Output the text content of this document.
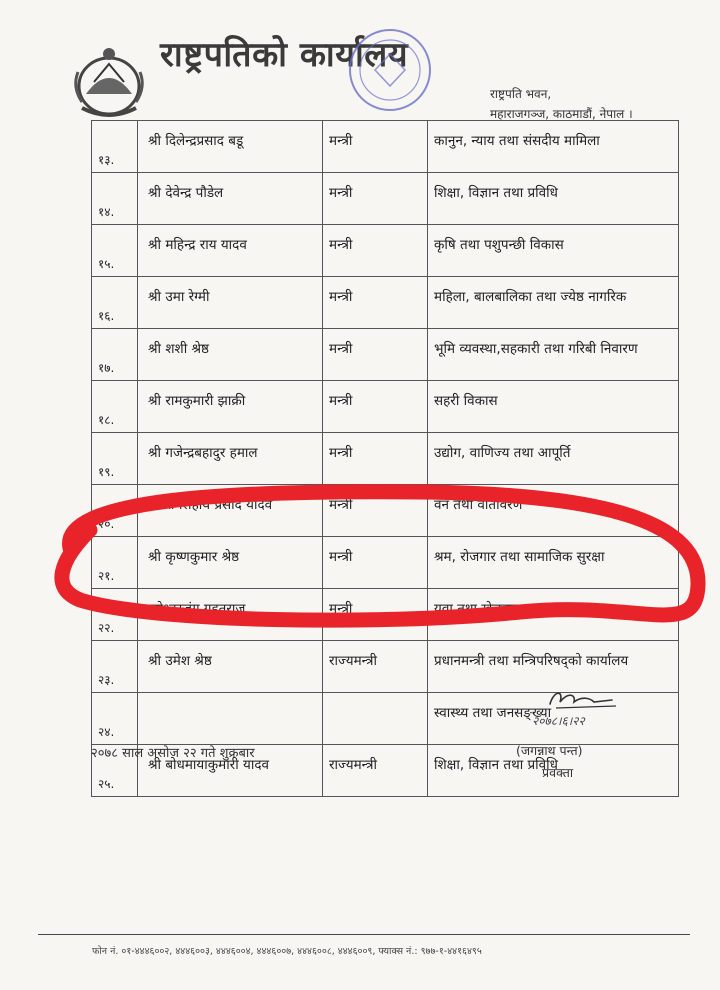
राष्ट्रपतिको कार्यालय
राष्ट्रपति भवन,
महाराजगञ्ज, काठमाडौं, नेपाल ।
१३.	श्री दिलेन्द्रप्रसाद बडू	मन्त्री	कानुन, न्याय तथा संसदीय मामिला
१४.	श्री देवेन्द्र पौडेल	मन्त्री	शिक्षा, विज्ञान तथा प्रविधि
१५.	श्री महिन्द्र राय यादव	मन्त्री	कृषि तथा पशुपन्छी विकास
१६.	श्री उमा रेग्मी	मन्त्री	महिला, बालबालिका तथा ज्येष्ठ नागरिक
१७.	श्री शशी श्रेष्ठ	मन्त्री	भूमि व्यवस्था,सहकारी तथा गरिबी निवारण
१८.	श्री रामकुमारी झाक्री	मन्त्री	सहरी विकास
१९.	श्री गजेन्द्रबहादुर हमाल	मन्त्री	उद्योग, वाणिज्य तथा आपूर्ति
२०.	श्री रामसहाय प्रसाद यादव	मन्त्री	वन तथा वातावरण
२१.	श्री कृष्णकुमार श्रेष्ठ	मन्त्री	श्रम, रोजगार तथा सामाजिक सुरक्षा
२२.	महेश्वरजंग गहतराज	मन्त्री	युवा तथा खेलकुद
२३.	श्री उमेश श्रेष्ठ	राज्यमन्त्री	प्रधानमन्त्री तथा मन्त्रिपरिषद्को कार्यालय
२४.			स्वास्थ्य तथा जनसङ्ख्या
२५.	श्री बोधमायाकुमारी यादव	राज्यमन्त्री	शिक्षा, विज्ञान तथा प्रविधि
२०७८ साल असोज २२ गते शुक्रबार
२०७८।६।२२
(जगन्नाथ पन्त)
प्रवक्ता
फोन नं. ०१-४४४६००२, ४४४६००३, ४४४६००४, ४४४६००७, ४४४६००८, ४४४६००९, फ्याक्स नं.: ९७७-१-४४१६४९५
